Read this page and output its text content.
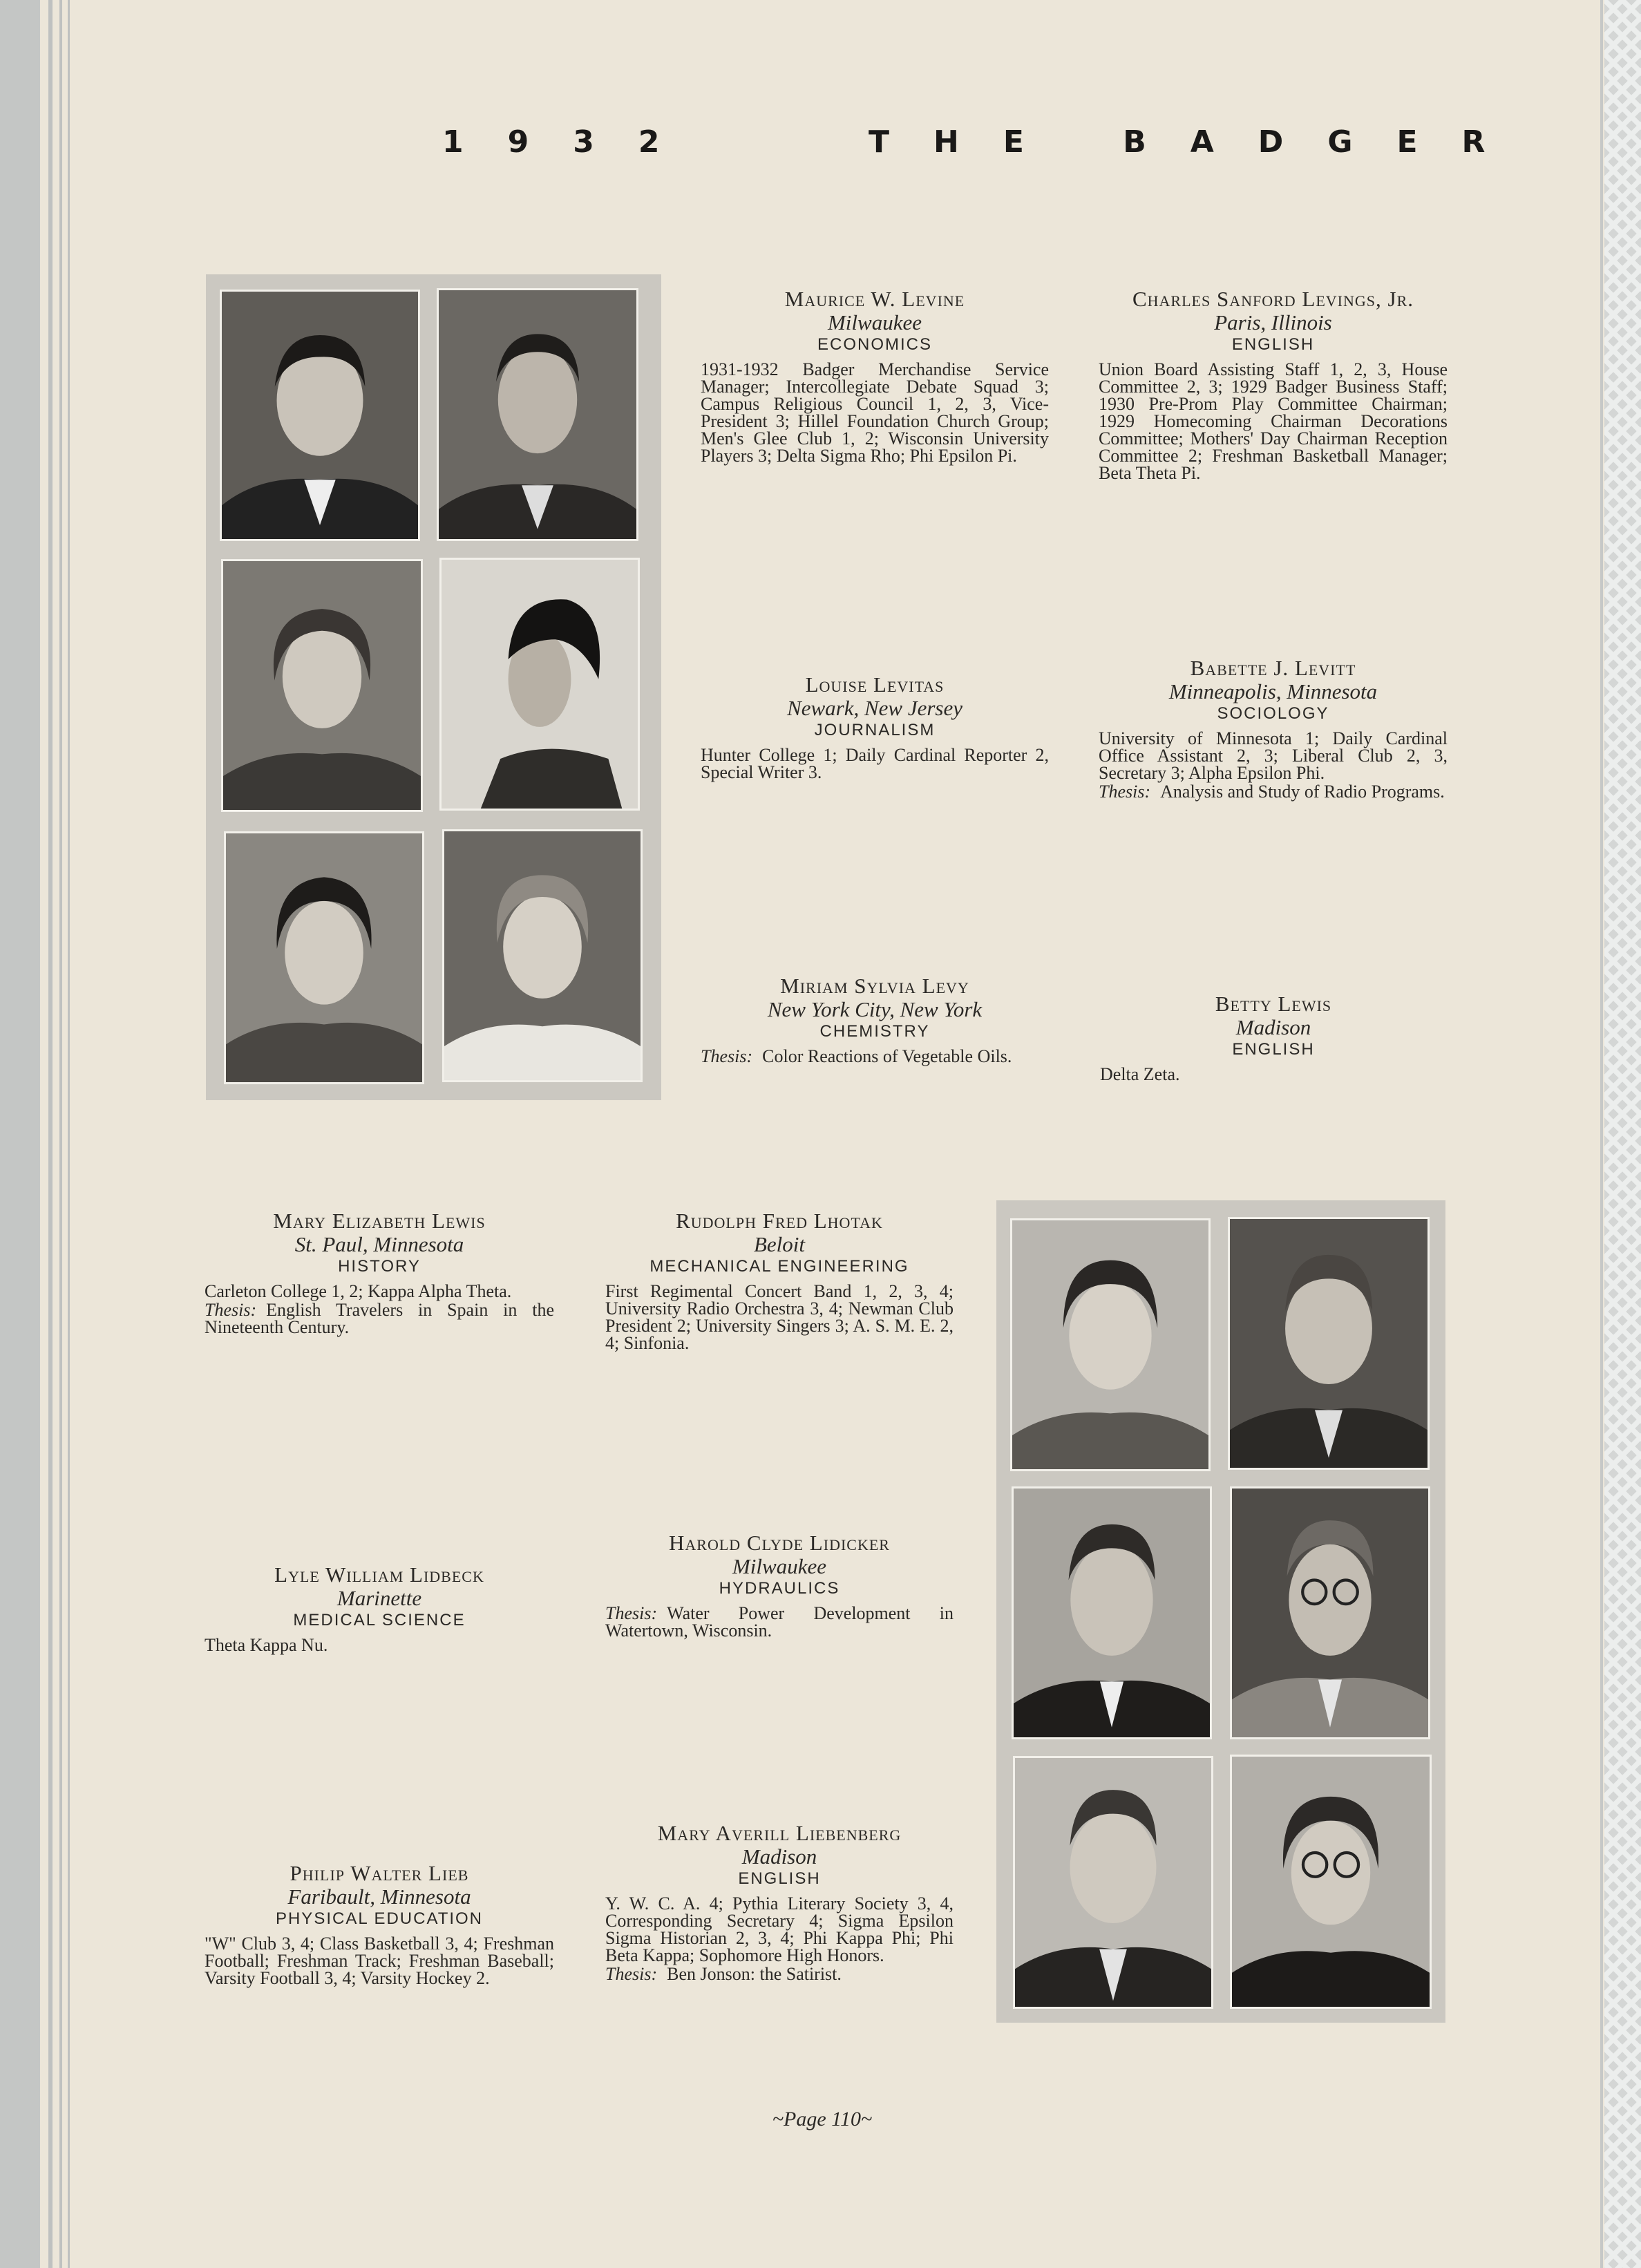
1932	THE BADGER
Maurice W. Levine
Milwaukee
ECONOMICS
1931-1932 Badger Merchandise Service Manager; Intercollegiate Debate Squad 3; Campus Religious Council 1, 2, 3, Vice-President 3; Hillel Foundation Church Group; Men's Glee Club 1, 2; Wisconsin University Players 3; Delta Sigma Rho; Phi Epsilon Pi.
Charles Sanford Levings, Jr.
Paris, Illinois
ENGLISH
Union Board Assisting Staff 1, 2, 3, House Committee 2, 3; 1929 Badger Business Staff; 1930 Pre-Prom Play Committee Chairman; 1929 Homecoming Chairman Decorations Committee; Mothers' Day Chairman Reception Committee 2; Freshman Basketball Manager; Beta Theta Pi.
Louise Levitas
Newark, New Jersey
JOURNALISM
Hunter College 1; Daily Cardinal Reporter 2, Special Writer 3.
Babette J. Levitt
Minneapolis, Minnesota
SOCIOLOGY
University of Minnesota 1; Daily Cardinal Office Assistant 2, 3; Liberal Club 2, 3, Secretary 3; Alpha Epsilon Phi.
Thesis: Analysis and Study of Radio Programs.
Miriam Sylvia Levy
New York City, New York
CHEMISTRY
Thesis: Color Reactions of Vegetable Oils.
Betty Lewis
Madison
ENGLISH
Delta Zeta.
Mary Elizabeth Lewis
St. Paul, Minnesota
HISTORY
Carleton College 1, 2; Kappa Alpha Theta.
Thesis: English Travelers in Spain in the Nineteenth Century.
Rudolph Fred Lhotak
Beloit
MECHANICAL ENGINEERING
First Regimental Concert Band 1, 2, 3, 4; University Radio Orchestra 3, 4; Newman Club President 2; University Singers 3; A. S. M. E. 2, 4; Sinfonia.
Lyle William Lidbeck
Marinette
MEDICAL SCIENCE
Theta Kappa Nu.
Harold Clyde Lidicker
Milwaukee
HYDRAULICS
Thesis: Water Power Development in Watertown, Wisconsin.
Philip Walter Lieb
Faribault, Minnesota
PHYSICAL EDUCATION
"W" Club 3, 4; Class Basketball 3, 4; Freshman Football; Freshman Track; Freshman Baseball; Varsity Football 3, 4; Varsity Hockey 2.
Mary Averill Liebenberg
Madison
ENGLISH
Y. W. C. A. 4; Pythia Literary Society 3, 4, Corresponding Secretary 4; Sigma Epsilon Sigma Historian 2, 3, 4; Phi Kappa Phi; Phi Beta Kappa; Sophomore High Honors.
Thesis: Ben Jonson: the Satirist.
~Page 110~
